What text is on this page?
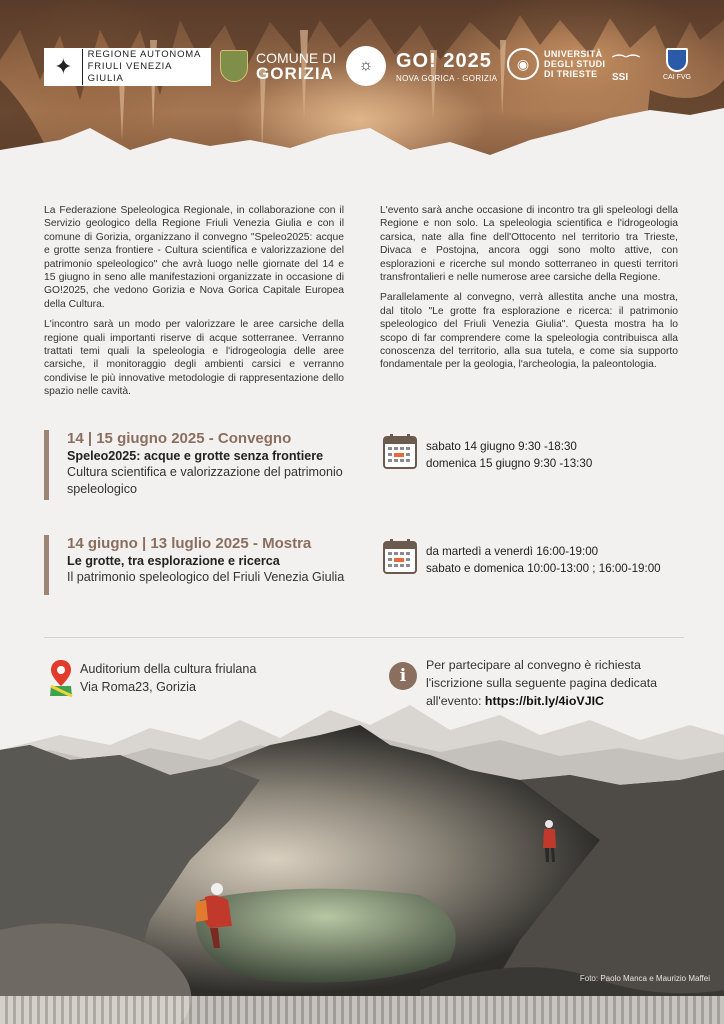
✦	REGIONE AUTONOMA
FRIULI VENEZIA GIULIA
COMUNE DI
GORIZIA	☼	GO! 2025
NOVA GORICA · GORIZIA
◉
UNIVERSITÀ
DEGLI STUDI
DI TRIESTE
⌒⌒
SSI	CAI FVG

La Federazione Speleologica Regionale, in collaborazione con il Servizio geologico della Regione Friuli Venezia Giulia e con il comune di Gorizia, organizzano il convegno "Speleo2025: acque e grotte senza frontiere - Cultura scientifica e valorizzazione del patrimonio speleologico" che avrà luogo nelle giornate del 14 e 15 giugno in seno alle manifestazioni organizzate in occasione di GO!2025, che vedono Gorizia e Nova Gorica Capitale Europea della Cultura.

L'incontro sarà un modo per valorizzare le aree carsiche della regione quali importanti riserve di acque sotterranee. Verranno trattati temi quali la speleologia e l'idrogeologia delle aree carsiche, il monitoraggio degli ambienti carsici e verranno condivise le più innovative metodologie di rappresentazione dello spazio nelle cavità.

L'evento sarà anche occasione di incontro tra gli speleologi della Regione e non solo. La speleologia scientifica e l'idrogeologia carsica, nate alla fine dell'Ottocento nel territorio tra Trieste, Divaca e Postojna, ancora oggi sono molto attive, con esplorazioni e ricerche sul mondo sotterraneo in questi territori transfrontalieri e nelle numerose aree carsiche della Regione.

Parallelamente al convegno, verrà allestita anche una mostra, dal titolo "Le grotte fra esplorazione e ricerca: il patrimonio speleologico del Friuli Venezia Giulia". Questa mostra ha lo scopo di far comprendere come la speleologia contribuisca alla conoscenza del territorio, alla sua tutela, e come sia supporto fondamentale per la geologia, l'archeologia, la paleontologia.

14 | 15 giugno 2025 - Convegno
Speleo2025: acque e grotte senza frontiere
Cultura scientifica e valorizzazione del patrimonio speleologico
sabato 14 giugno 9:30 -18:30
domenica 15 giugno 9:30 -13:30
14 giugno | 13 luglio 2025 - Mostra
Le grotte, tra esplorazione e ricerca
Il patrimonio speleologico del Friuli Venezia Giulia
da martedì a venerdì 16:00-19:00
sabato e domenica 10:00-13:00 ; 16:00-19:00
Auditorium della cultura friulana
Via Roma23, Gorizia
i
Per partecipare al convegno è richiesta l'iscrizione sulla seguente pagina dedicata all'evento: https://bit.ly/4ioVJIC
Foto: Paolo Manca e Maurizio Maffei
